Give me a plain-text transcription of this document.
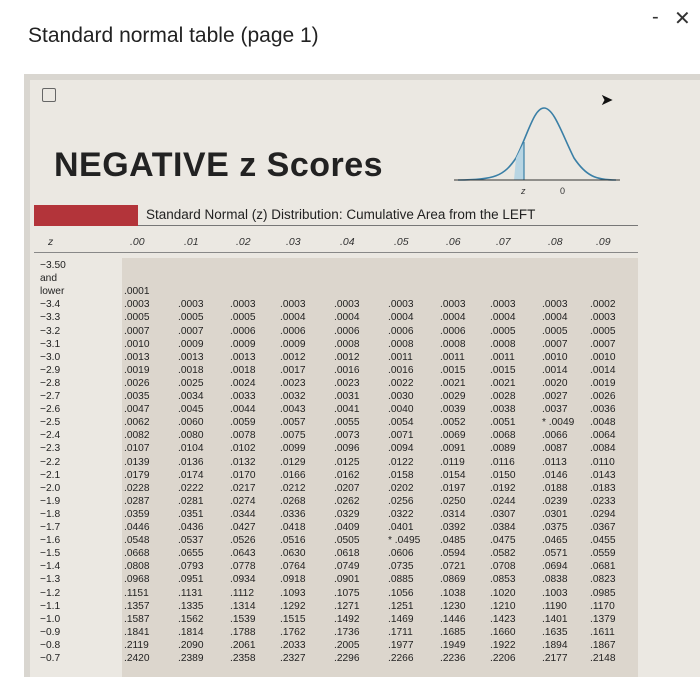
Standard normal table (page 1)
- ✕
➤
NEGATIVE z Scores
z	0
Standard Normal (z) Distribution: Cumulative Area from the LEFT
z	.00	.01	.02	.03	.04	.05	.06	.07	.08	.09
−3.50
and
lower	.0001
−3.4	.0003	.0003	.0003 .0003	.0003	.0003	.0003 .0003	.0003 .0002
−3.3	.0005	.0005	.0005 .0004	.0004	.0004	.0004 .0004	.0004 .0003
−3.2	.0007	.0007	.0006 .0006	.0006	.0006	.0006 .0005	.0005 .0005
−3.1	.0010	.0009	.0009 .0009	.0008	.0008	.0008 .0008	.0007 .0007
−3.0	.0013	.0013	.0013 .0012	.0012	.0011	.0011 .0011	.0010 .0010
−2.9	.0019	.0018	.0018 .0017	.0016	.0016	.0015 .0015	.0014 .0014
−2.8	.0026	.0025	.0024 .0023	.0023	.0022	.0021 .0021	.0020 .0019
−2.7	.0035	.0034	.0033 .0032	.0031	.0030	.0029 .0028	.0027 .0026
−2.6	.0047	.0045	.0044 .0043	.0041	.0040	.0039 .0038	.0037 .0036
−2.5	.0062	.0060	.0059 .0057	.0055	.0054	.0052 .0051	* .0049 .0048
−2.4	.0082	.0080	.0078 .0075	.0073	.0071	.0069 .0068	.0066 .0064
−2.3	.0107	.0104	.0102 .0099	.0096	.0094	.0091 .0089	.0087 .0084
−2.2	.0139	.0136	.0132 .0129	.0125	.0122	.0119 .0116	.0113 .0110
−2.1	.0179	.0174	.0170 .0166	.0162	.0158	.0154 .0150	.0146 .0143
−2.0	.0228	.0222	.0217 .0212	.0207	.0202	.0197 .0192	.0188 .0183
−1.9	.0287	.0281	.0274 .0268	.0262	.0256	.0250 .0244	.0239 .0233
−1.8	.0359	.0351	.0344 .0336	.0329	.0322	.0314 .0307	.0301 .0294
−1.7	.0446	.0436	.0427 .0418	.0409	.0401	.0392 .0384	.0375 .0367
−1.6	.0548	.0537	.0526 .0516	.0505	* .0495 .0485 .0475	.0465 .0455
−1.5	.0668	.0655	.0643 .0630	.0618	.0606	.0594 .0582	.0571 .0559
−1.4	.0808	.0793	.0778 .0764	.0749	.0735	.0721 .0708	.0694 .0681
−1.3	.0968	.0951	.0934 .0918	.0901	.0885	.0869 .0853	.0838 .0823
−1.2	.1151	.1131	.1112	.1093	.1075	.1056	.1038 .1020	.1003 .0985
−1.1	.1357	.1335	.1314 .1292	.1271	.1251	.1230 .1210	.1190 .1170
−1.0	.1587	.1562	.1539 .1515	.1492	.1469	.1446 .1423	.1401 .1379
−0.9	.1841	.1814	.1788 .1762	.1736	.1711	.1685 .1660	.1635 .1611
−0.8	.2119	.2090	.2061 .2033	.2005	.1977	.1949 .1922	.1894 .1867
−0.7	.2420	.2389	.2358 .2327	.2296	.2266	.2236 .2206	.2177 .2148
